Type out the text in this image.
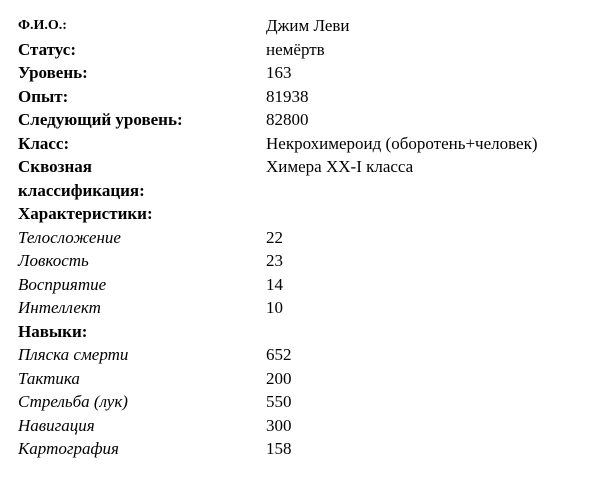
Ф.И.О.:	Джим Леви
Статус:	немёртв
Уровень:	163
Опыт:	81938
Следующий уровень:	82800
Класс:	Некрохимероид (оборотень+человек)
Сквозная
классификация:
Химера XX-I класса
Характеристики:
Телосложение	22
Ловкость	23
Восприятие	14
Интеллект	10
Навыки:
Пляска смерти	652
Тактика	200
Стрельба (лук)	550
Навигация	300
Картография	158
